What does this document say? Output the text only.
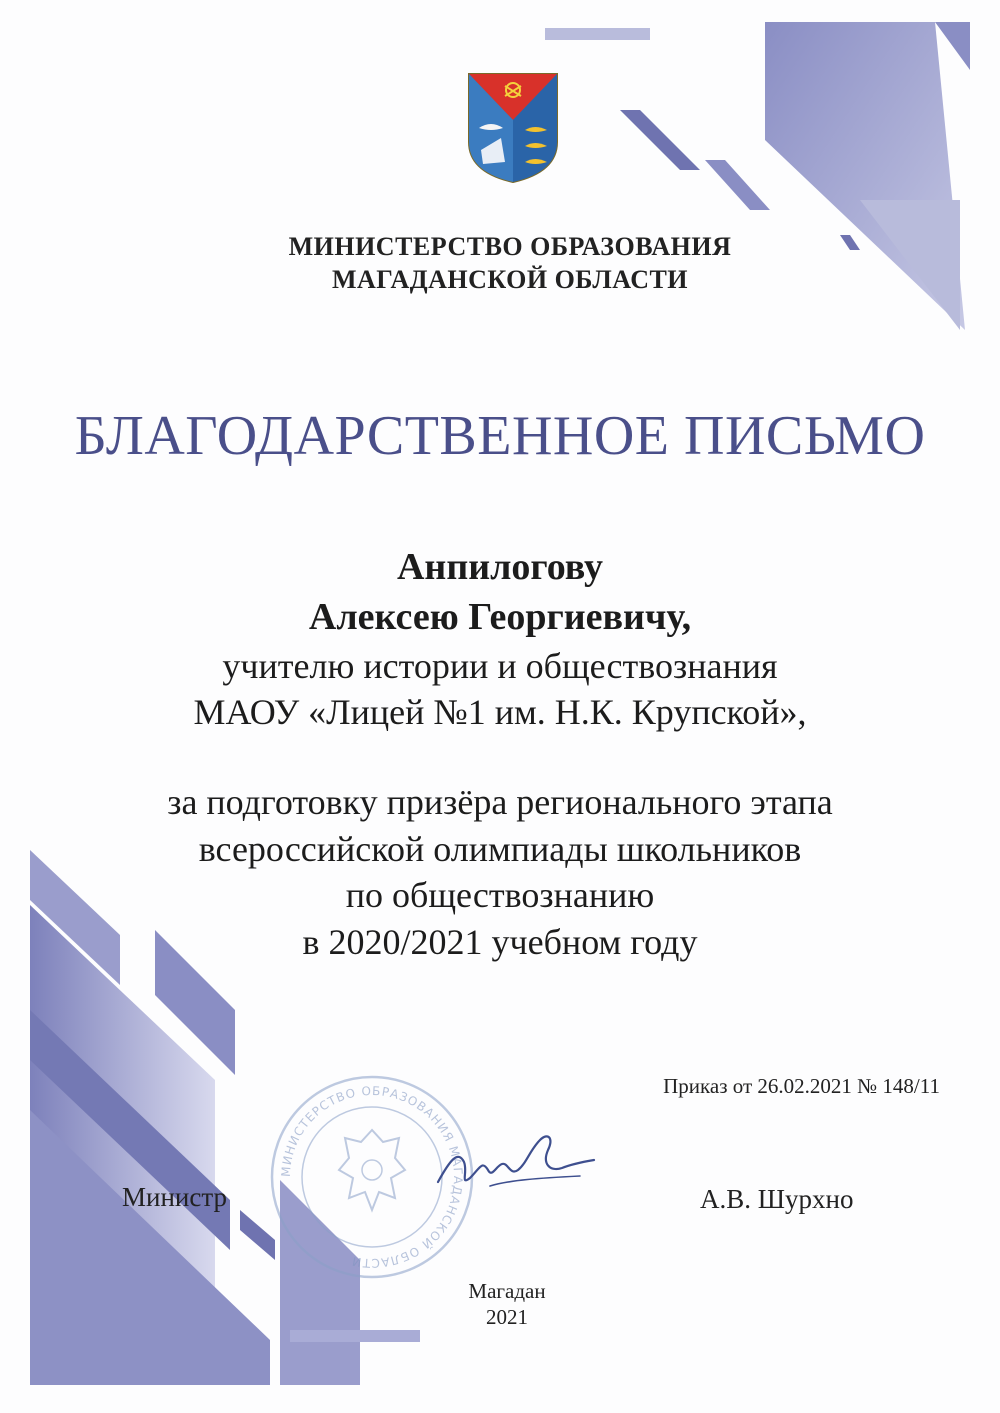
МИНИСТЕРСТВО ОБРАЗОВАНИЯ
МАГАДАНСКОЙ ОБЛАСТИ
БЛАГОДАРСТВЕННОЕ ПИСЬМО
Анпилогову
Алексею Георгиевичу,
учителю истории и обществознания
МАОУ «Лицей №1 им. Н.К. Крупской»,
за подготовку призёра регионального этапа
всероссийской олимпиады школьников
по обществознанию
в 2020/2021 учебном году
Приказ от 26.02.2021 № 148/11
МИНИСТЕРСТВО ОБРАЗОВАНИЯ МАГАДАНСКОЙ ОБЛАСТИ
Министр	А.В. Шурхно
Магадан
2021
